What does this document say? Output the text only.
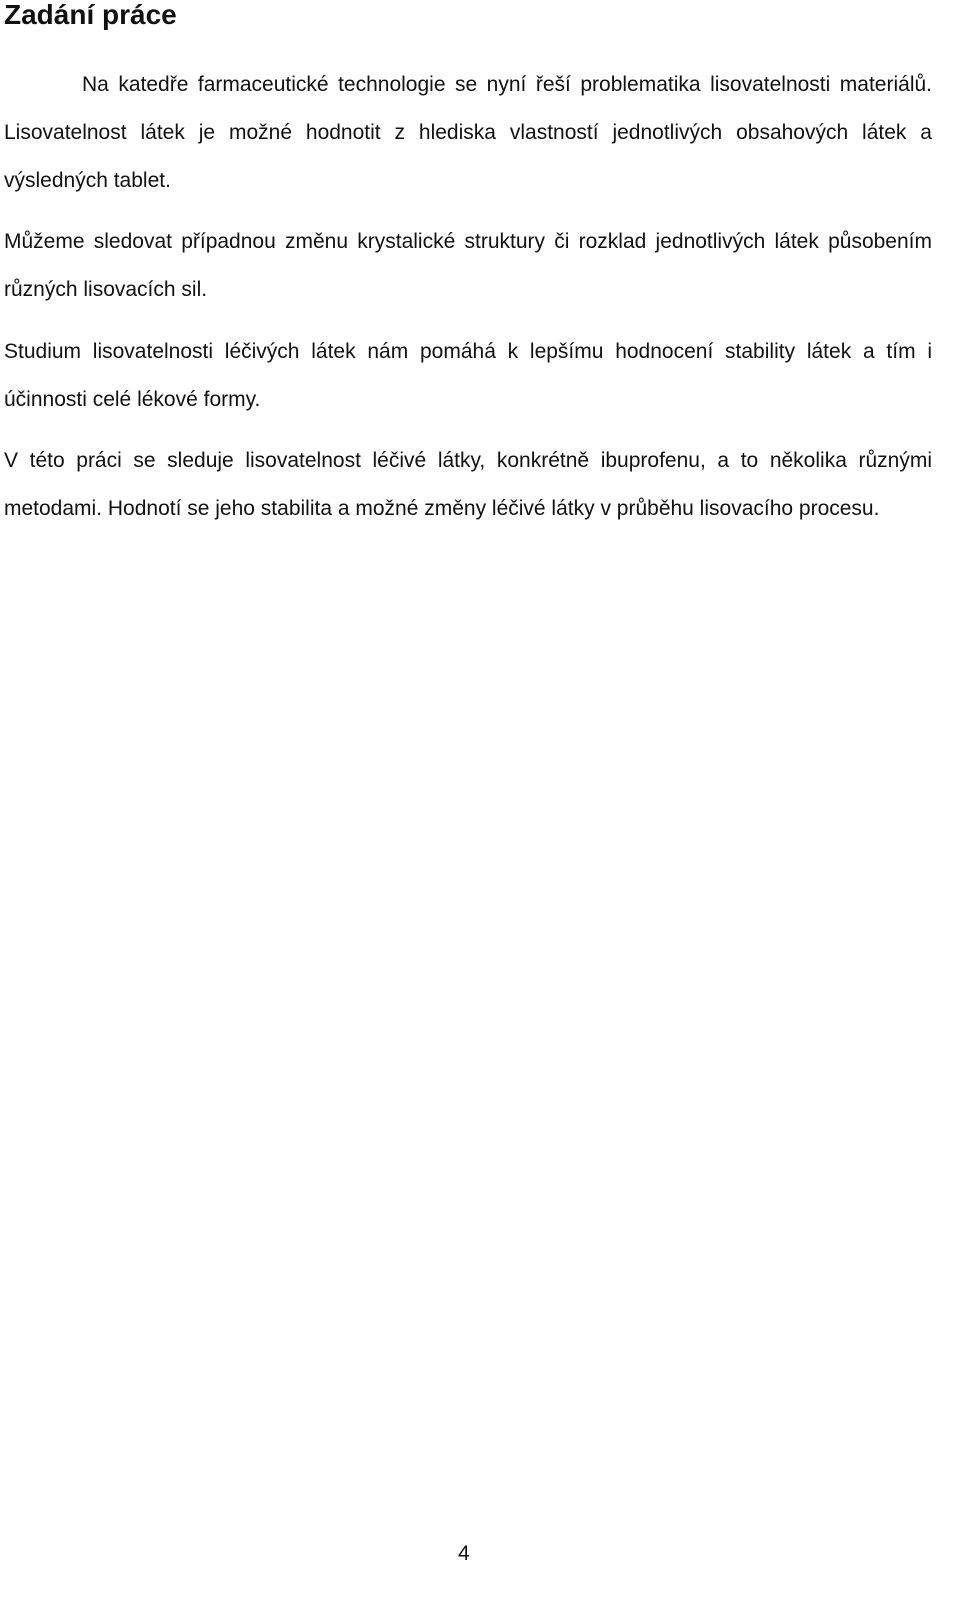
Zadání práce

Na katedře farmaceutické technologie se nyní řeší problematika lisovatelnosti materiálů. Lisovatelnost látek je možné hodnotit z hlediska vlastností jednotlivých obsahových látek a výsledných tablet.

Můžeme sledovat případnou změnu krystalické struktury či rozklad jednotlivých látek působením různých lisovacích sil.

Studium lisovatelnosti léčivých látek nám pomáhá k lepšímu hodnocení stability látek a tím i účinnosti celé lékové formy.

V této práci se sleduje lisovatelnost léčivé látky, konkrétně ibuprofenu, a to několika různými metodami. Hodnotí se jeho stabilita a možné změny léčivé látky v průběhu lisovacího procesu.

4
